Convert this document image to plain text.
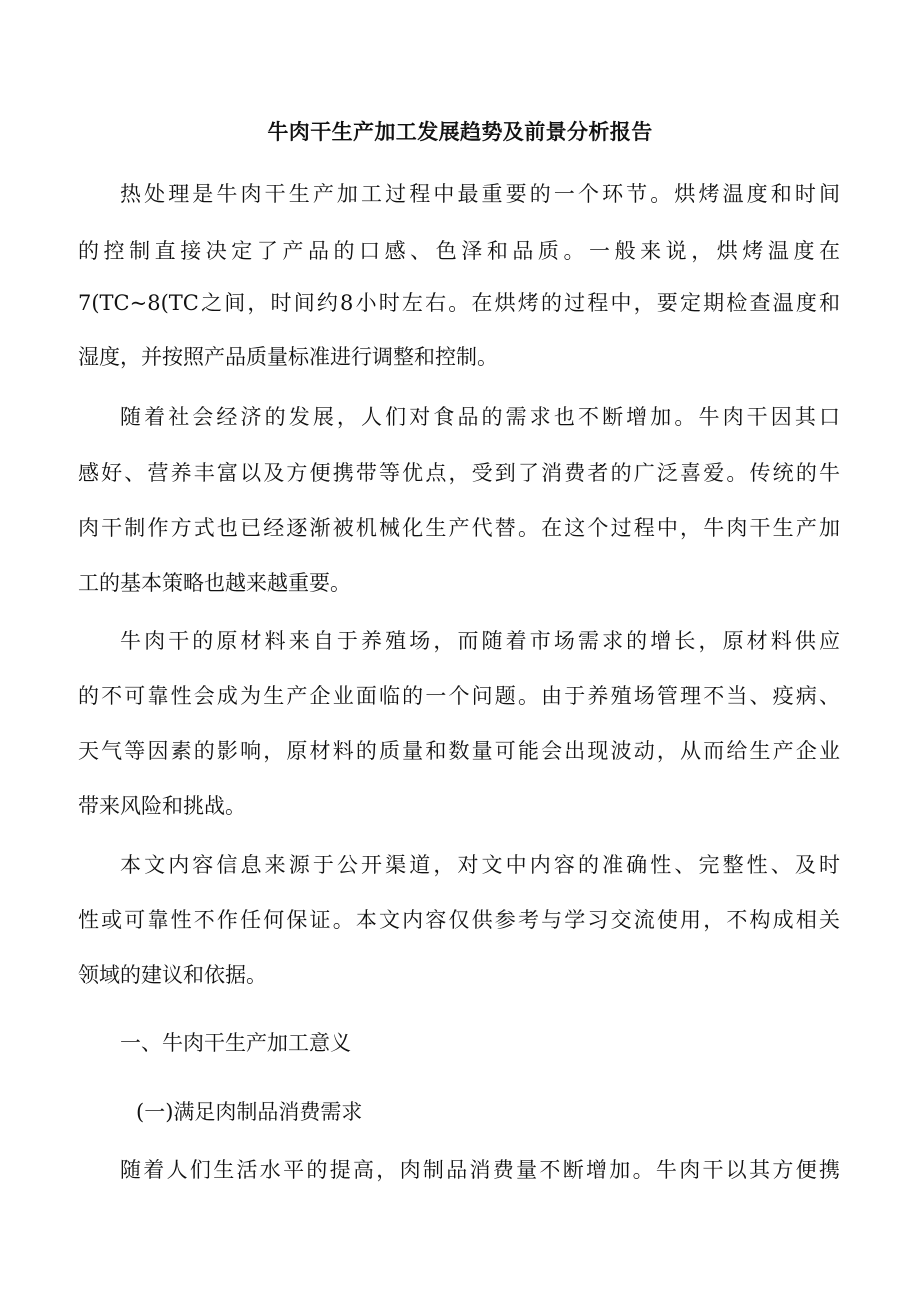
牛肉干生产加工发展趋势及前景分析报告
热处理是牛肉干生产加工过程中最重要的一个环节。烘烤温度和时间
的控制直接决定了产品的口感、色泽和品质。一般来说，烘烤温度在
7(TC~8(TC之间，时间约8小时左右。在烘烤的过程中，要定期检查温度和
湿度，并按照产品质量标准进行调整和控制。
随着社会经济的发展，人们对食品的需求也不断增加。牛肉干因其口
感好、营养丰富以及方便携带等优点，受到了消费者的广泛喜爱。传统的牛
肉干制作方式也已经逐渐被机械化生产代替。在这个过程中，牛肉干生产加
工的基本策略也越来越重要。
牛肉干的原材料来自于养殖场，而随着市场需求的增长，原材料供应
的不可靠性会成为生产企业面临的一个问题。由于养殖场管理不当、疫病、
天气等因素的影响，原材料的质量和数量可能会出现波动，从而给生产企业
带来风险和挑战。
本文内容信息来源于公开渠道，对文中内容的准确性、完整性、及时
性或可靠性不作任何保证。本文内容仅供参考与学习交流使用，不构成相关
领域的建议和依据。
一、牛肉干生产加工意义
(一)满足肉制品消费需求
随着人们生活水平的提高，肉制品消费量不断增加。牛肉干以其方便携
